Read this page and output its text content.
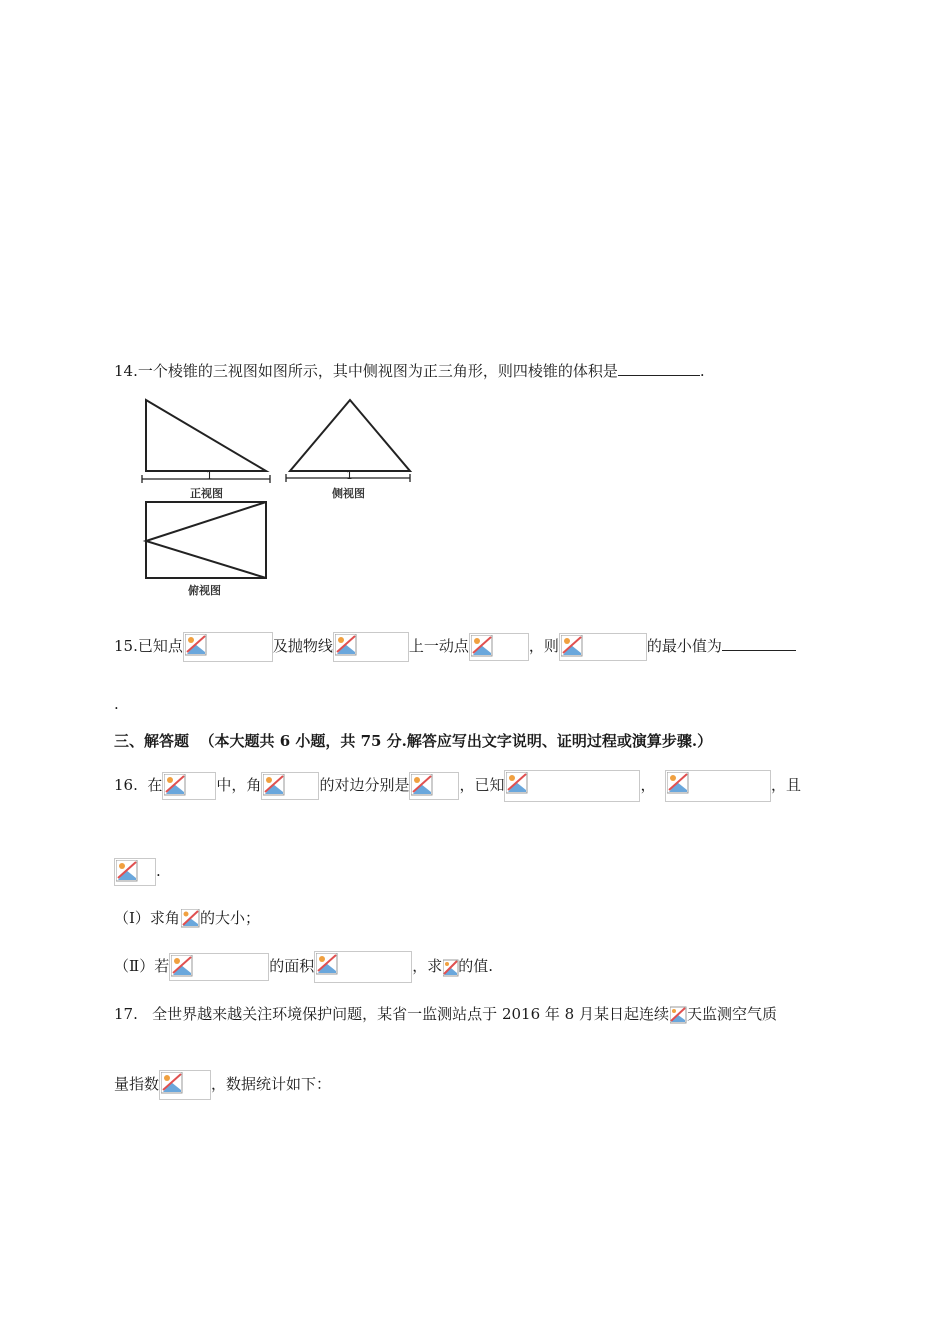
14.一个棱锥的三视图如图所示，其中侧视图为正三角形，则四棱锥的体积是	.
1
正视图
1
侧视图
俯视图
15.已知点	及抛物线	上一动点	，则	的最小值为
.
三、解答题 （本大题共 6 小题，共 75 分.解答应写出文字说明、证明过程或演算步骤.）
16. 在	中，角	的对边分别是	，已知	，	，且
.
（Ⅰ）求角 的大小；
（Ⅱ）若	的面积	，求 的值.
17. 全世界越来越关注环境保护问题，某省一监测站点于 2016 年 8 月某日起连续 天监测空气质
量指数	，数据统计如下：
